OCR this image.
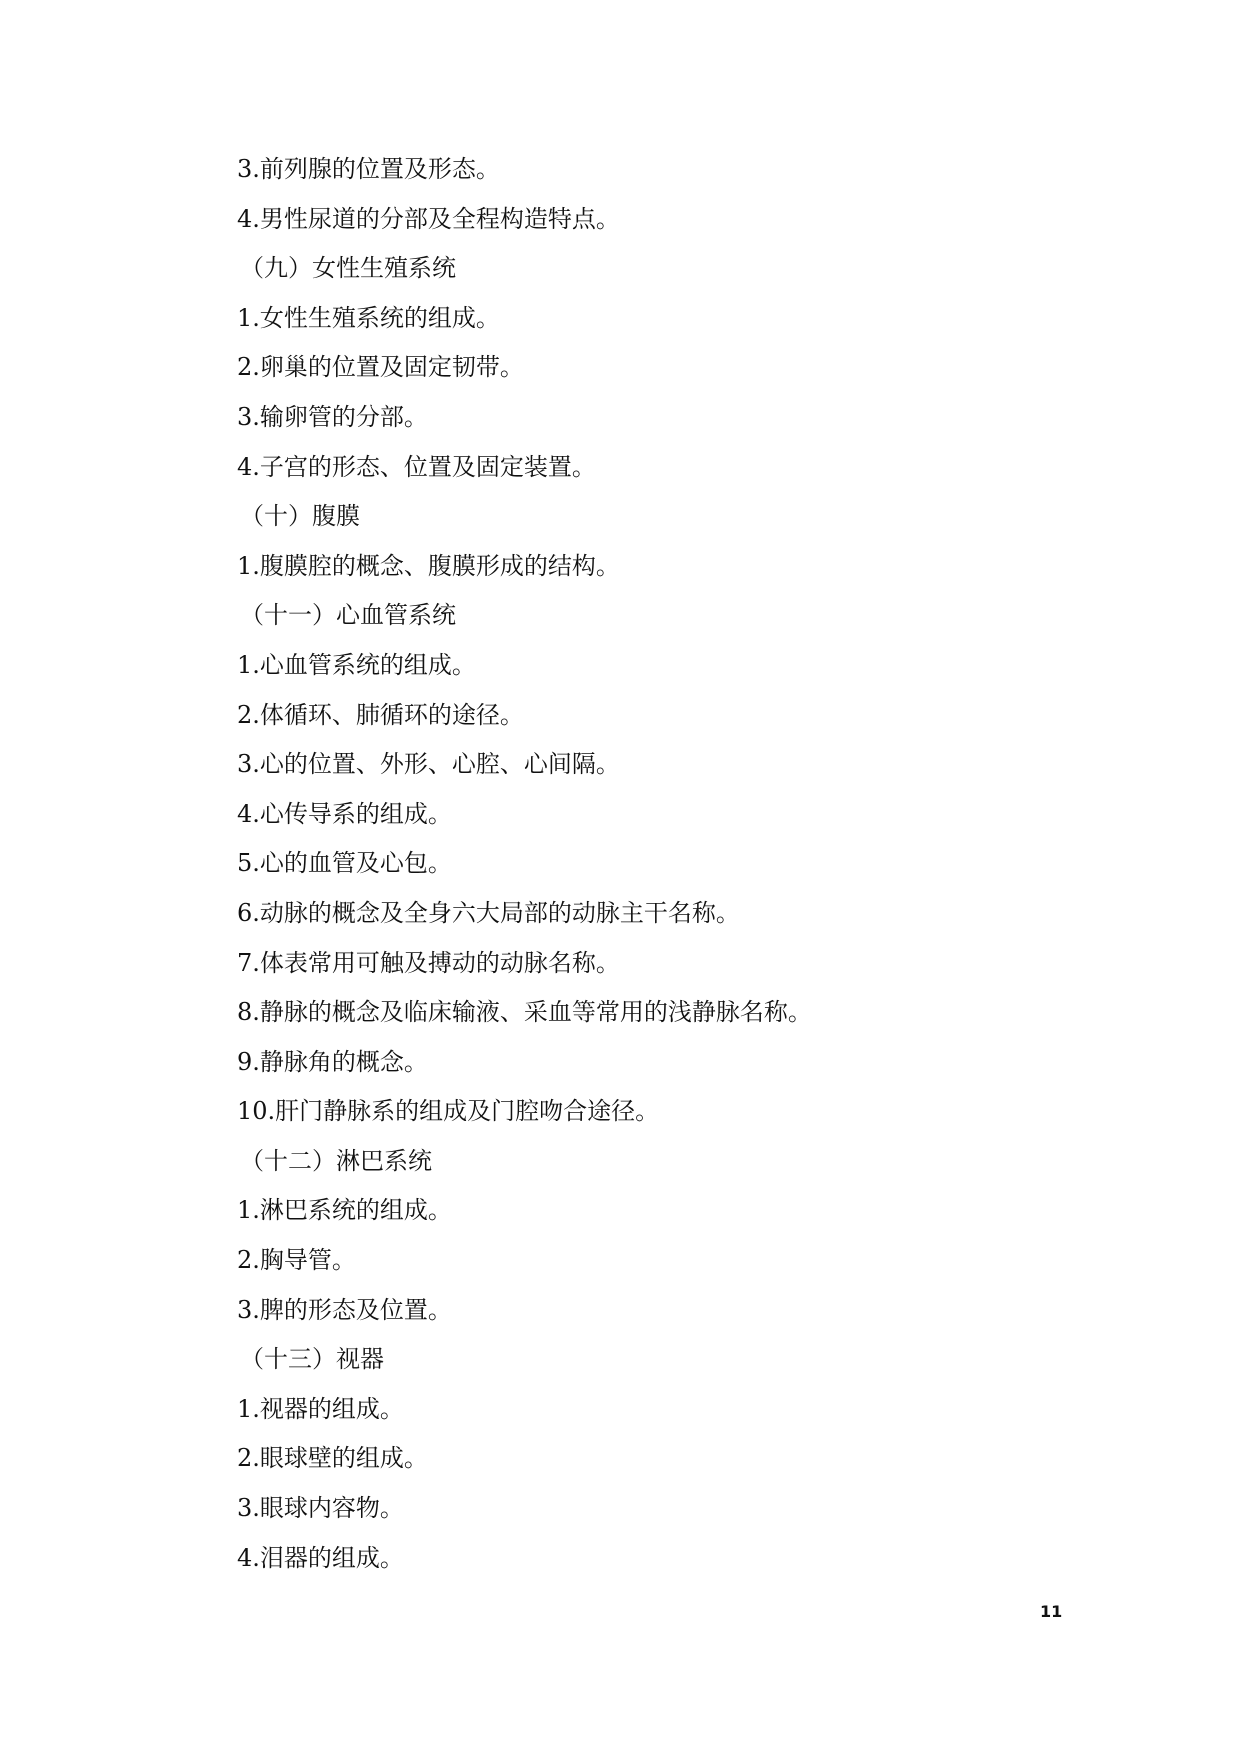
3.前列腺的位置及形态。
4.男性尿道的分部及全程构造特点。
（九）女性生殖系统
1.女性生殖系统的组成。
2.卵巢的位置及固定韧带。
3.输卵管的分部。
4.子宫的形态、位置及固定装置。
（十）腹膜
1.腹膜腔的概念、腹膜形成的结构。
（十一）心血管系统
1.心血管系统的组成。
2.体循环、肺循环的途径。
3.心的位置、外形、心腔、心间隔。
4.心传导系的组成。
5.心的血管及心包。
6.动脉的概念及全身六大局部的动脉主干名称。
7.体表常用可触及搏动的动脉名称。
8.静脉的概念及临床输液、采血等常用的浅静脉名称。
9.静脉角的概念。
10.肝门静脉系的组成及门腔吻合途径。
（十二）淋巴系统
1.淋巴系统的组成。
2.胸导管。
3.脾的形态及位置。
（十三）视器
1.视器的组成。
2.眼球壁的组成。
3.眼球内容物。
4.泪器的组成。
11
